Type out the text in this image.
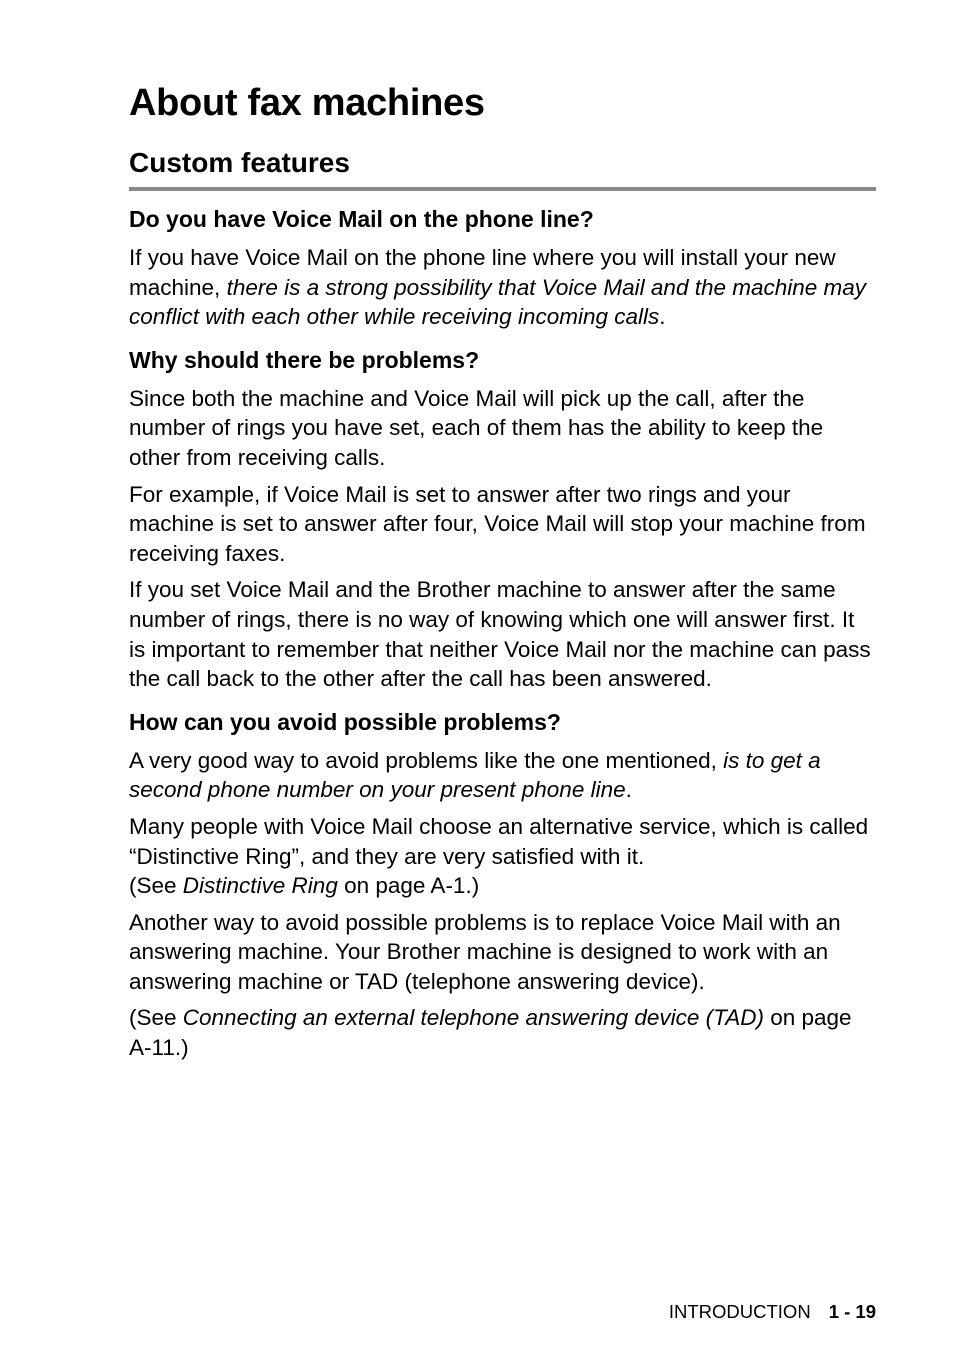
About fax machines
Custom features
Do you have Voice Mail on the phone line?

If you have Voice Mail on the phone line where you will install your new machine, there is a strong possibility that Voice Mail and the machine may conflict with each other while receiving incoming calls.

Why should there be problems?

Since both the machine and Voice Mail will pick up the call, after the number of rings you have set, each of them has the ability to keep the other from receiving calls.

For example, if Voice Mail is set to answer after two rings and your machine is set to answer after four, Voice Mail will stop your machine from receiving faxes.

If you set Voice Mail and the Brother machine to answer after the same number of rings, there is no way of knowing which one will answer first. It is important to remember that neither Voice Mail nor the machine can pass the call back to the other after the call has been answered.

How can you avoid possible problems?

A very good way to avoid problems like the one mentioned, is to get a second phone number on your present phone line.

Many people with Voice Mail choose an alternative service, which is called “Distinctive Ring”, and they are very satisfied with it.
(See Distinctive Ring on page A-1.)

Another way to avoid possible problems is to replace Voice Mail with an answering machine. Your Brother machine is designed to work with an answering machine or TAD (telephone answering device).

(See Connecting an external telephone answering device (TAD) on page A-11.)

INTRODUCTION 1 - 19
